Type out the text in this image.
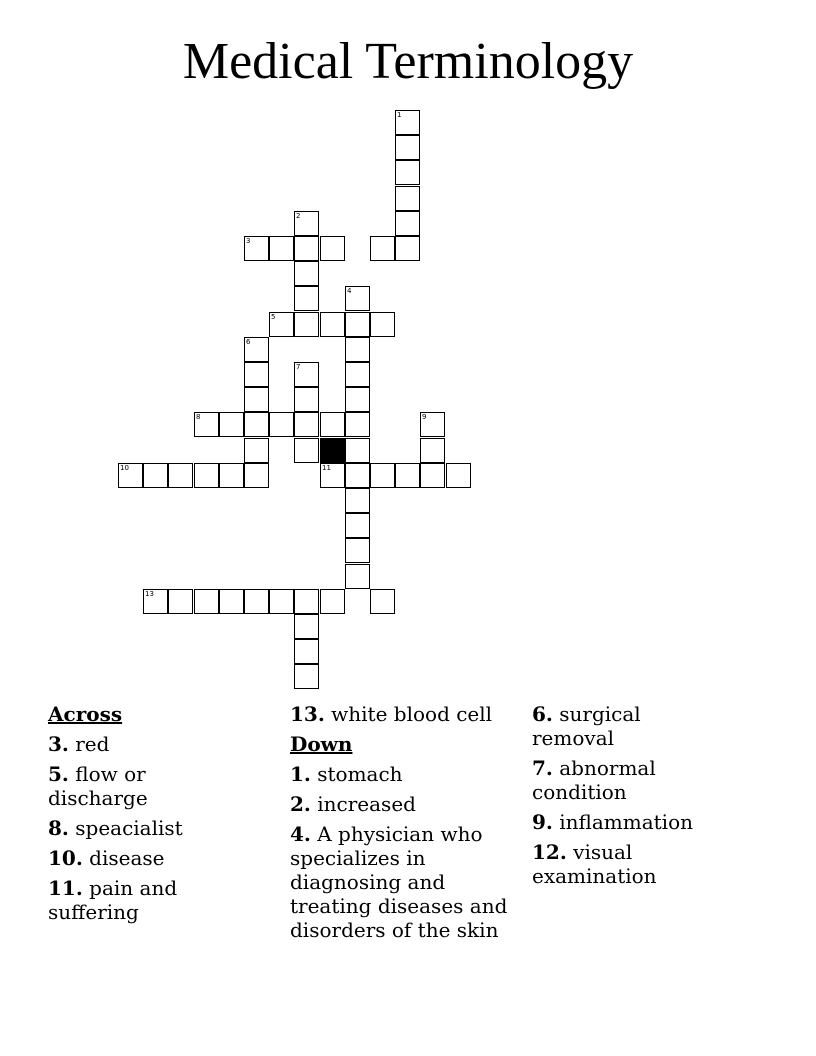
Medical Terminology
1
2
3
4
5
6
7
8	9
10	11
13
Across
3. red
5. flow or discharge
8. speacialist
10. disease
11. pain and suffering
13. white blood cell
Down
1. stomach
2. increased
4. A physician who specializes in diagnosing and treating diseases and disorders of the skin
6. surgical removal
7. abnormal condition
9. inflammation
12. visual examination
